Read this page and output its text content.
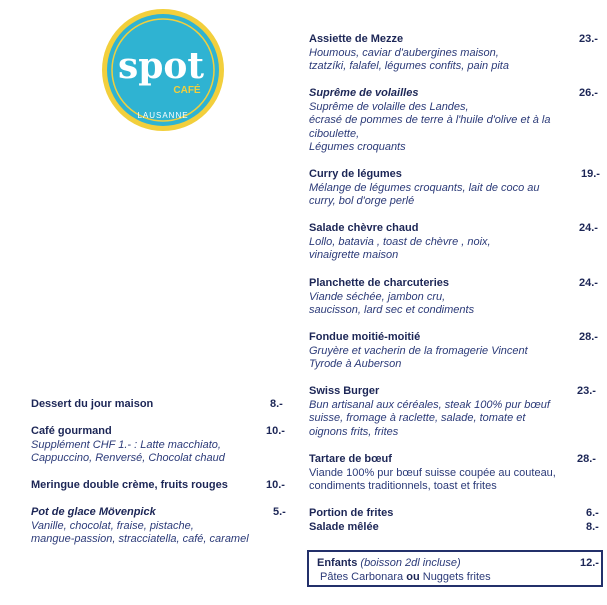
spot
CAFÉ
LAUSANNE
Assiette de Mezze
Houmous, caviar d'aubergines maison,
tzatzíki, falafel, légumes confits, pain pita
23.-
Suprême de volailles
Suprême de volaille des Landes,
écrasé de pommes de terre à l'huile d'olive et à la
ciboulette,
Légumes croquants
26.-
Curry de légumes
Mélange de légumes croquants, lait de coco au
curry, bol d'orge perlé
19.-
Salade chèvre chaud
Lollo, batavia , toast de chèvre , noix,
vinaigrette maison
24.-
Planchette de charcuteries
Viande séchée, jambon cru,
saucisson, lard sec et condiments
24.-
Fondue moitié-moitié
Gruyère et vacherin de la fromagerie Vincent
Tyrode à Auberson
28.-
Swiss Burger
Bun artisanal aux céréales, steak 100% pur bœuf
suisse, fromage à raclette, salade, tomate et
oignons frits, frites
23.-
Tartare de bœuf
Viande 100% pur bœuf suisse coupée au couteau,
condiments traditionnels, toast et frites
28.-
Portion de frites	6.-
Salade mêlée	8.-
Enfants (boisson 2dl incluse)	12.-
Pâtes Carbonara ou Nuggets frites
Dessert du jour maison	8.-
Café gourmand
Supplément CHF 1.- : Latte macchiato,
Cappuccino, Renversé, Chocolat chaud
10.-
Meringue double crème, fruits rouges	10.-
Pot de glace Mövenpick
Vanille, chocolat, fraise, pistache,
mangue-passion, stracciatella, café, caramel
5.-
